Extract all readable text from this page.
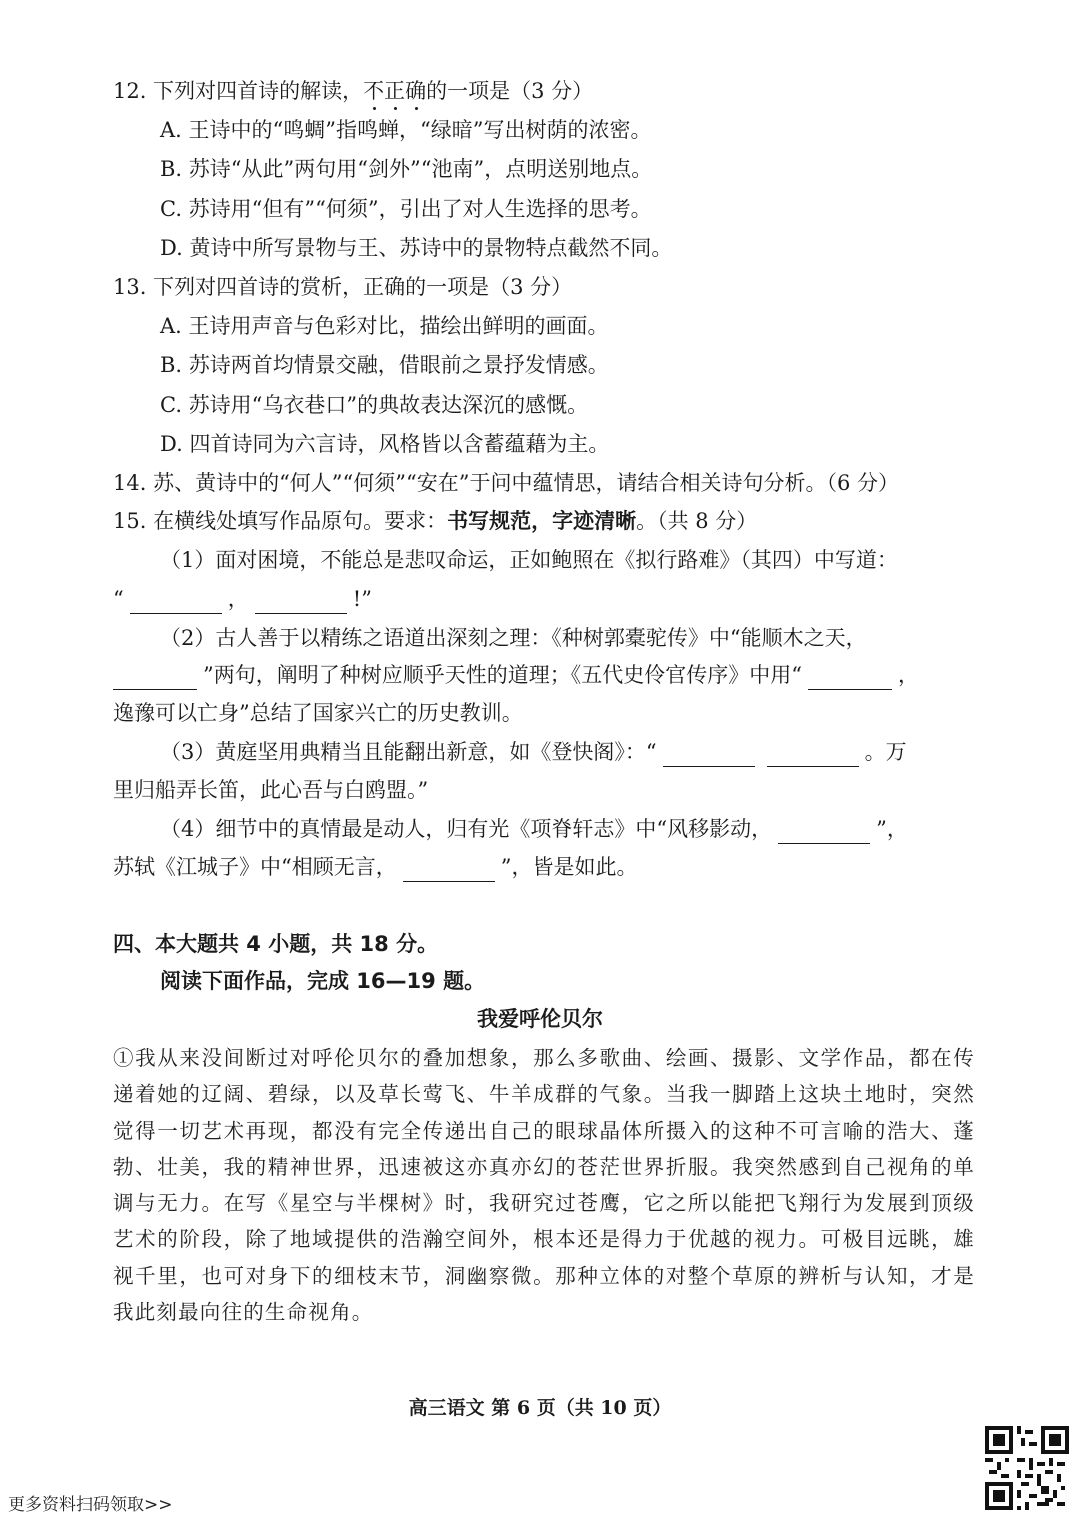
12. 下列对四首诗的解读，不正确的一项是（3 分）
A. 王诗中的“鸣蜩”指鸣蝉，“绿暗”写出树荫的浓密。
B. 苏诗“从此”两句用“剑外”“池南”，点明送别地点。
C. 苏诗用“但有”“何须”，引出了对人生选择的思考。
D. 黄诗中所写景物与王、苏诗中的景物特点截然不同。
13. 下列对四首诗的赏析，正确的一项是（3 分）
A. 王诗用声音与色彩对比，描绘出鲜明的画面。
B. 苏诗两首均情景交融，借眼前之景抒发情感。
C. 苏诗用“乌衣巷口”的典故表达深沉的感慨。
D. 四首诗同为六言诗，风格皆以含蓄蕴藉为主。
14. 苏、黄诗中的“何人”“何须”“安在”于问中蕴情思，请结合相关诗句分析。（6 分）
15. 在横线处填写作品原句。要求：书写规范，字迹清晰。（共 8 分）
（1）面对困境，不能总是悲叹命运，正如鲍照在《拟行路难》（其四）中写道：
“	，	!”
（2）古人善于以精练之语道出深刻之理：《种树郭橐驼传》中“能顺木之天，
”两句，阐明了种树应顺乎天性的道理；《五代史伶官传序》中用“	，
逸豫可以亡身”总结了国家兴亡的历史教训。
（3）黄庭坚用典精当且能翻出新意，如《登快阁》：“	。万
里归船弄长笛，此心吾与白鸥盟。”
（4）细节中的真情最是动人，归有光《项脊轩志》中“风移影动，	”，
苏轼《江城子》中“相顾无言，	”，皆是如此。
四、本大题共 4 小题，共 18 分。
阅读下面作品，完成 16—19 题。
我爱呼伦贝尔
①我从来没间断过对呼伦贝尔的叠加想象，那么多歌曲、绘画、摄影、文学作品，都在传递着她的辽阔、碧绿，以及草长莺飞、牛羊成群的气象。当我一脚踏上这块土地时，突然觉得一切艺术再现，都没有完全传递出自己的眼球晶体所摄入的这种不可言喻的浩大、蓬勃、壮美，我的精神世界，迅速被这亦真亦幻的苍茫世界折服。我突然感到自己视角的单调与无力。在写《星空与半棵树》时，我研究过苍鹰，它之所以能把飞翔行为发展到顶级艺术的阶段，除了地域提供的浩瀚空间外，根本还是得力于优越的视力。可极目远眺，雄视千里，也可对身下的细枝末节，洞幽察微。那种立体的对整个草原的辨析与认知，才是我此刻最向往的生命视角。
高三语文 第 6 页（共 10 页）
更多资料扫码领取>>
